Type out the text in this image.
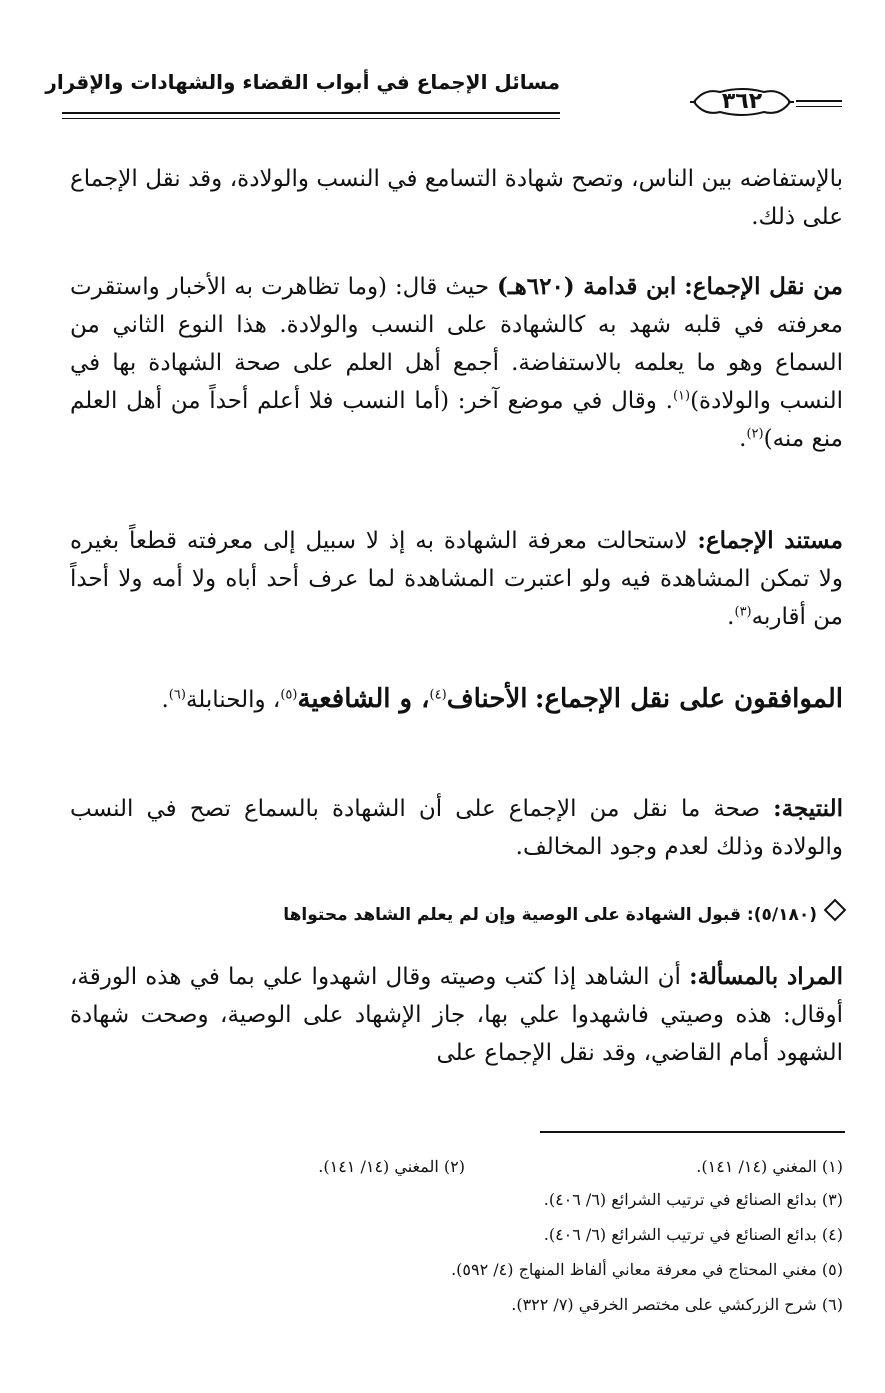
مسائل الإجماع في أبواب القضاء والشهادات والإقرار
٣٦٢
بالإستفاضه بين الناس، وتصح شهادة التسامع في النسب والولادة، وقد نقل الإجماع على ذلك.
من نقل الإجماع: ابن قدامة (٦٢٠هـ) حيث قال: (وما تظاهرت به الأخبار واستقرت معرفته في قلبه شهد به كالشهادة على النسب والولادة. هذا النوع الثاني من السماع وهو ما يعلمه بالاستفاضة. أجمع أهل العلم على صحة الشهادة بها في النسب والولادة)$^{(١)}$. وقال في موضع آخر: (أما النسب فلا أعلم أحداً من أهل العلم منع منه)$^{(٢)}$.
مستند الإجماع: لاستحالت معرفة الشهادة به إذ لا سبيل إلى معرفته قطعاً بغيره ولا تمكن المشاهدة فيه ولو اعتبرت المشاهدة لما عرف أحد أباه ولا أمه ولا أحداً من أقاربه$^{(٣)}$.
الموافقون على نقل الإجماع: الأحناف$^{(٤)}$، و الشافعية$^{(٥)}$، والحنابلة$^{(٦)}$.
النتيجة: صحة ما نقل من الإجماع على أن الشهادة بالسماع تصح في النسب والولادة وذلك لعدم وجود المخالف.
(٥/١٨٠): قبول الشهادة على الوصية وإن لم يعلم الشاهد محتواها
المراد بالمسألة: أن الشاهد إذا كتب وصيته وقال اشهدوا علي بما في هذه الورقة، أوقال: هذه وصيتي فاشهدوا علي بها، جاز الإشهاد على الوصية، وصحت شهادة الشهود أمام القاضي، وقد نقل الإجماع على
(١) المغني (١٤/ ١٤١).
(٢) المغني (١٤/ ١٤١).
(٣) بدائع الصنائع في ترتيب الشرائع (٦/ ٤٠٦).
(٤) بدائع الصنائع في ترتيب الشرائع (٦/ ٤٠٦).
(٥) مغني المحتاج في معرفة معاني ألفاظ المنهاج (٤/ ٥٩٢).
(٦) شرح الزركشي على مختصر الخرقي (٧/ ٣٢٢).
